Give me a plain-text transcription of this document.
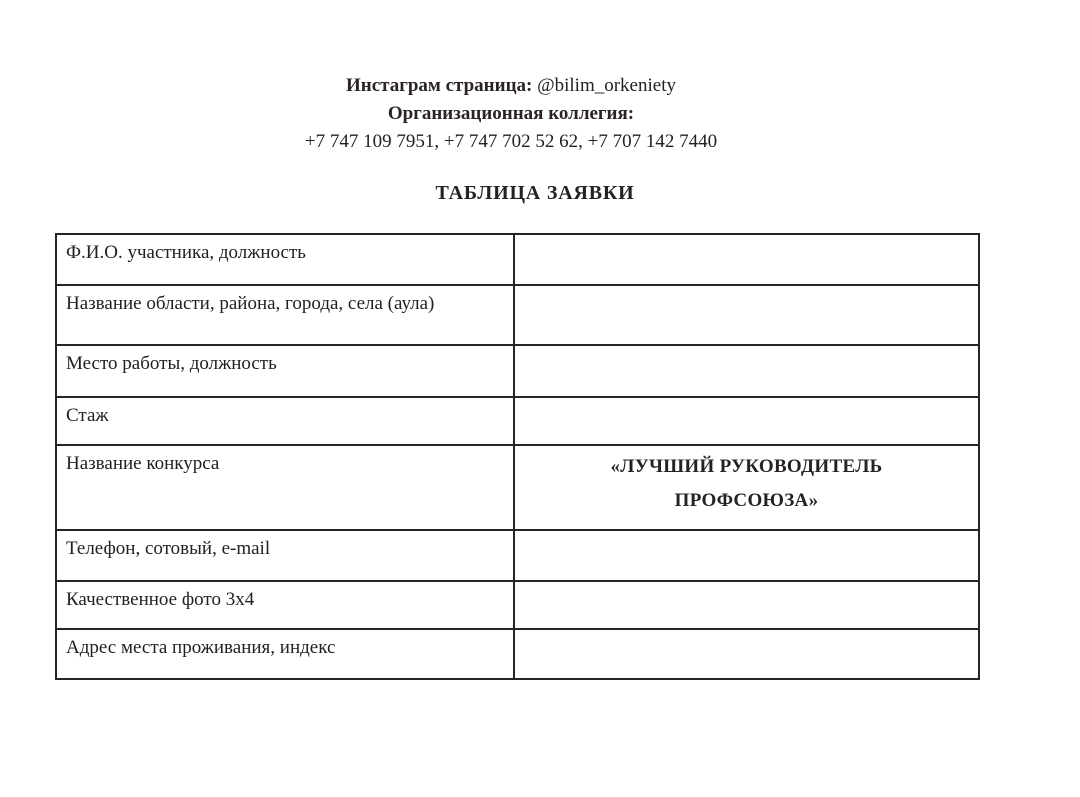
Инстаграм страница: @bilim_orkeniety

Организационная коллегия:

+7 747 109 7951, +7 747 702 52 62, +7 707 142 7440

ТАБЛИЦА ЗАЯВКИ
Ф.И.О. участника, должность	

Название области, района, города, села (аула)	

Место работы, должность	

Стаж	

Название конкурса	«ЛУЧШИЙ РУКОВОДИТЕЛЬ ПРОФСОЮЗА»

Телефон, сотовый, e-mail	

Качественное фото 3x4	

Адрес места проживания, индекс	
